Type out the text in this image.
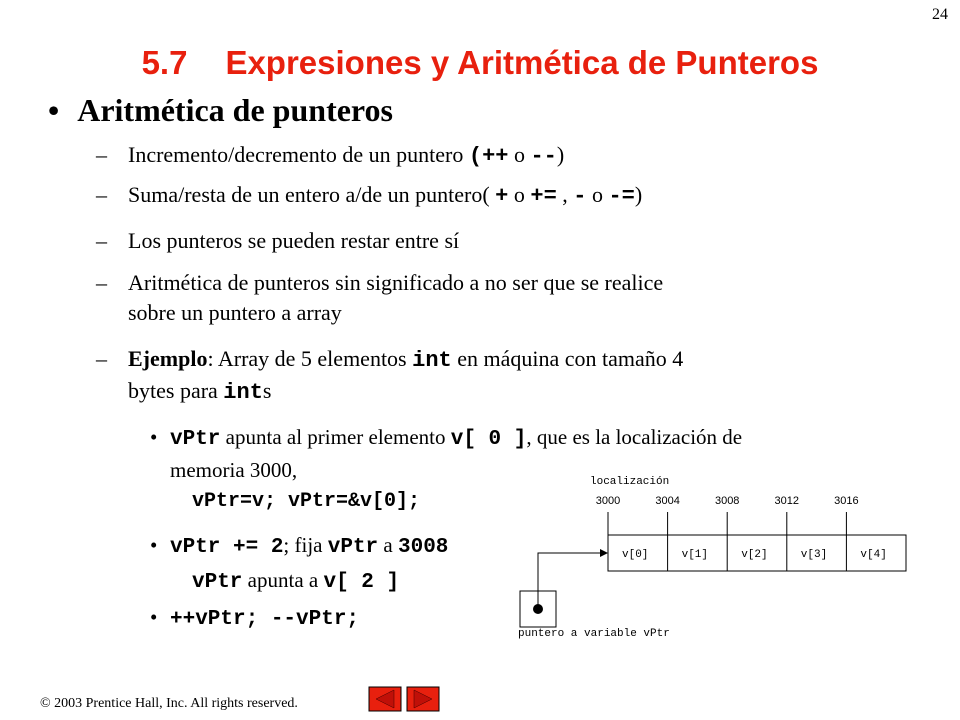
24
5.7 Expresiones y Aritmética de Punteros
• Aritmética de punteros
– Incremento/decremento de un puntero (++ o --)
– Suma/resta de un entero a/de un puntero( + o += , - o -=)
– Los punteros se pueden restar entre sí
– Aritmética de punteros sin significado a no ser que se realice
sobre un puntero a array
– Ejemplo: Array de 5 elementos int en máquina con tamaño 4
bytes para ints
• vPtr apunta al primer elemento v[ 0 ], que es la localización de
memoria 3000,
vPtr=v; vPtr=&v[0];
• vPtr += 2; fija vPtr a 3008
vPtr apunta a v[ 2 ]
• ++vPtr; --vPtr;
localización
3000	3004	3008	3012	3016
v[0]	v[1]	v[2]	v[3]	v[4]
puntero a variable vPtr
© 2003 Prentice Hall, Inc. All rights reserved.
